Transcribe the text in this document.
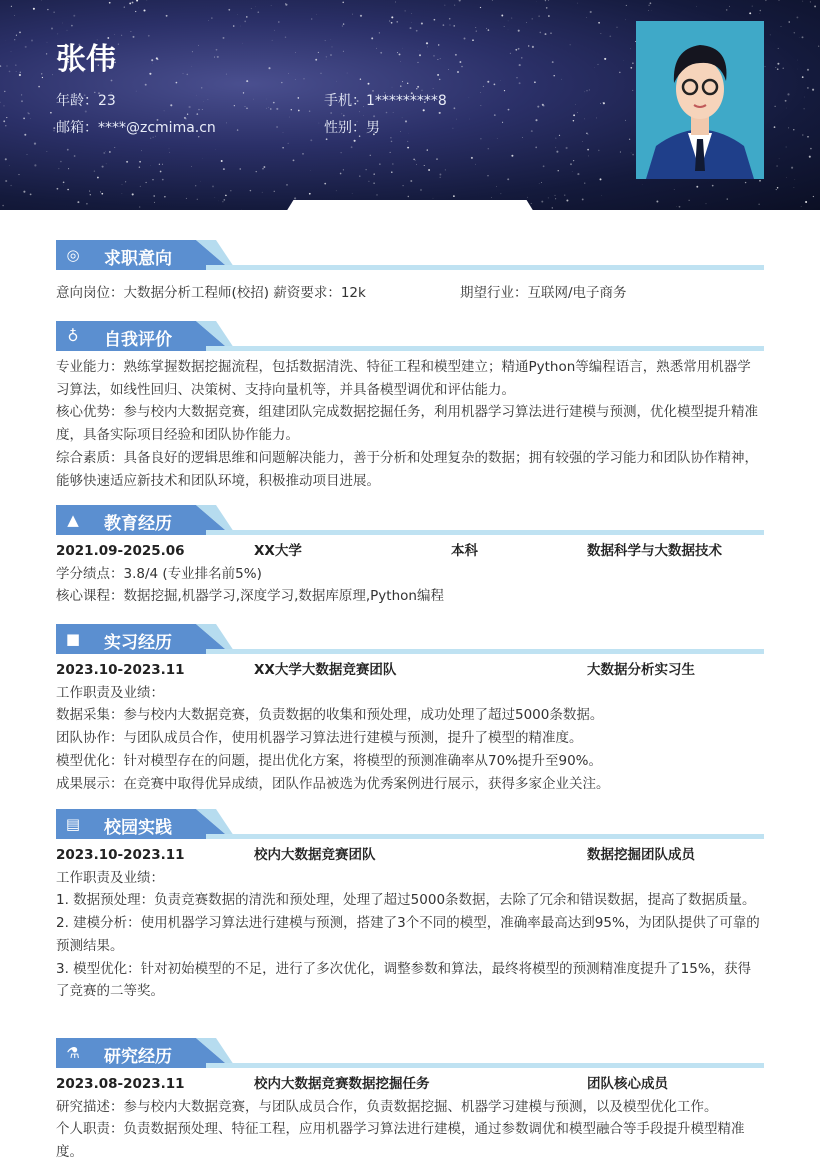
张伟
年龄：23	手机：1*********8
邮箱：****@zcmima.cn	性别：男
◎ 求职意向
意向岗位：大数据分析工程师(校招) 薪资要求：12k	期望行业：互联网/电子商务
♁ 自我评价
专业能力：熟练掌握数据挖掘流程，包括数据清洗、特征工程和模型建立；精通Python等编程语言，熟悉常用机器学习算法，如线性回归、决策树、支持向量机等，并具备模型调优和评估能力。
核心优势：参与校内大数据竞赛，组建团队完成数据挖掘任务，利用机器学习算法进行建模与预测，优化模型提升精准度，具备实际项目经验和团队协作能力。
综合素质：具备良好的逻辑思维和问题解决能力，善于分析和处理复杂的数据；拥有较强的学习能力和团队协作精神，能够快速适应新技术和团队环境，积极推动项目进展。
▲ 教育经历
2021.09-2025.06	XX大学	本科	数据科学与大数据技术
学分绩点：3.8/4 (专业排名前5%)
核心课程：数据挖掘,机器学习,深度学习,数据库原理,Python编程
■ 实习经历
2023.10-2023.11	XX大学大数据竞赛团队	大数据分析实习生
工作职责及业绩：
数据采集：参与校内大数据竞赛，负责数据的收集和预处理，成功处理了超过5000条数据。
团队协作：与团队成员合作，使用机器学习算法进行建模与预测，提升了模型的精准度。
模型优化：针对模型存在的问题，提出优化方案，将模型的预测准确率从70%提升至90%。
成果展示：在竞赛中取得优异成绩，团队作品被选为优秀案例进行展示，获得多家企业关注。
▤ 校园实践
2023.10-2023.11	校内大数据竞赛团队	数据挖掘团队成员
工作职责及业绩：
1. 数据预处理：负责竞赛数据的清洗和预处理，处理了超过5000条数据，去除了冗余和错误数据，提高了数据质量。
2. 建模分析：使用机器学习算法进行建模与预测，搭建了3个不同的模型，准确率最高达到95%，为团队提供了可靠的预测结果。
3. 模型优化：针对初始模型的不足，进行了多次优化，调整参数和算法，最终将模型的预测精准度提升了15%，获得了竞赛的二等奖。
⚗ 研究经历
2023.08-2023.11	校内大数据竞赛数据挖掘任务	团队核心成员
研究描述：参与校内大数据竞赛，与团队成员合作，负责数据挖掘、机器学习建模与预测，以及模型优化工作。
个人职责：负责数据预处理、特征工程，应用机器学习算法进行建模，通过参数调优和模型融合等手段提升模型精准度。
